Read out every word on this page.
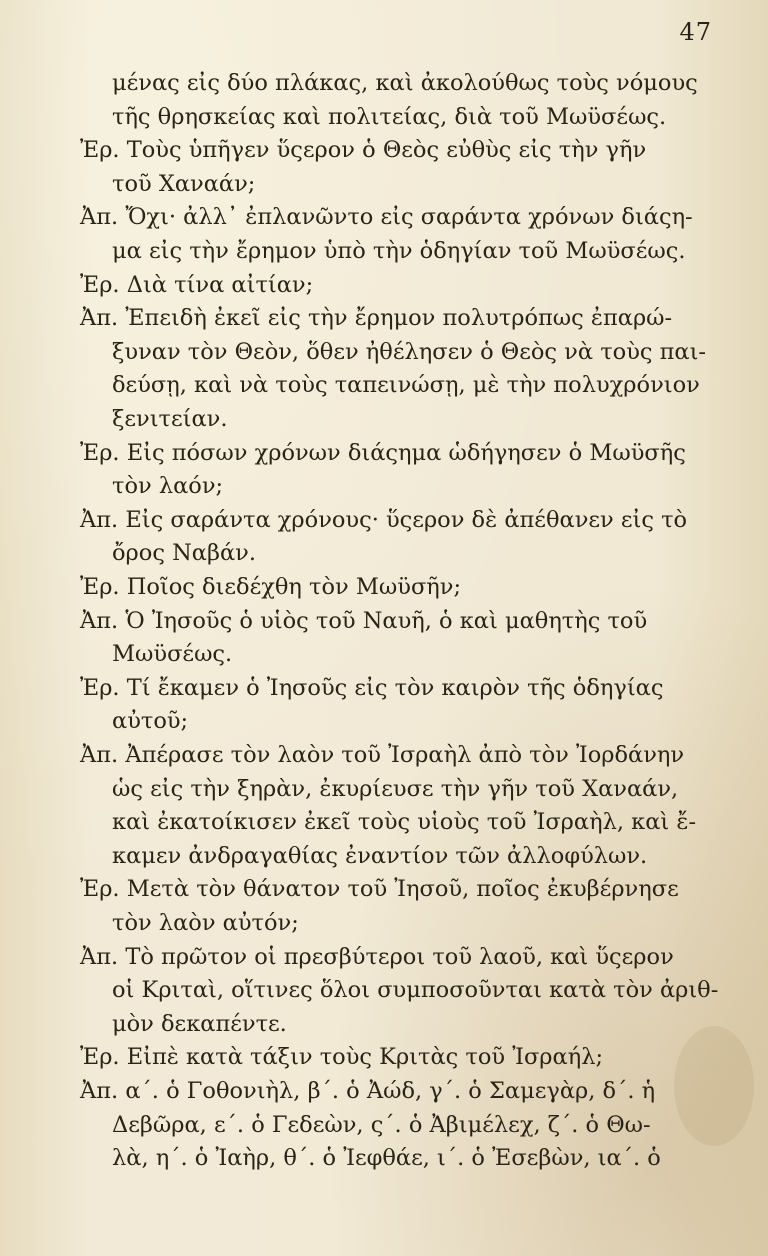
47
μένας εἰς δύο πλάκας, καὶ ἀκολούθως τοὺς νόμους
τῆς θρησκείας καὶ πολιτείας, διὰ τοῦ Μωϋσέως.
Ἐρ. Τοὺς ὑπῆγεν ὕςερον ὁ Θεὸς εὐθὺς εἰς τὴν γῆν
τοῦ Χαναάν;
Ἀπ. Ὄχι· ἀλλ᾽ ἐπλανῶντο εἰς σαράντα χρόνων διάςη-
μα εἰς τὴν ἔρημον ὑπὸ τὴν ὁδηγίαν τοῦ Μωϋσέως.
Ἐρ. Διὰ τίνα αἰτίαν;
Ἀπ. Ἐπειδὴ ἐκεῖ εἰς τὴν ἔρημον πολυτρόπως ἐπαρώ-
ξυναν τὸν Θεὸν, ὅθεν ἠθέλησεν ὁ Θεὸς νὰ τοὺς παι-
δεύσῃ, καὶ νὰ τοὺς ταπεινώσῃ, μὲ τὴν πολυχρόνιον
ξενιτείαν.
Ἐρ. Εἰς πόσων χρόνων διάςημα ὡδήγησεν ὁ Μωϋσῆς
τὸν λαόν;
Ἀπ. Εἰς σαράντα χρόνους· ὕςερον δὲ ἀπέθανεν εἰς τὸ
ὄρος Ναβάν.
Ἐρ. Ποῖος διεδέχθη τὸν Μωϋσῆν;
Ἀπ. Ὁ Ἰησοῦς ὁ υἱὸς τοῦ Ναυῆ, ὁ καὶ μαθητὴς τοῦ
Μωϋσέως.
Ἐρ. Τί ἔκαμεν ὁ Ἰησοῦς εἰς τὸν καιρὸν τῆς ὁδηγίας
αὐτοῦ;
Ἀπ. Ἀπέρασε τὸν λαὸν τοῦ Ἰσραὴλ ἀπὸ τὸν Ἰορδάνην
ὡς εἰς τὴν ξηρὰν, ἐκυρίευσε τὴν γῆν τοῦ Χαναάν,
καὶ ἐκατοίκισεν ἐκεῖ τοὺς υἱοὺς τοῦ Ἰσραὴλ, καὶ ἔ-
καμεν ἀνδραγαθίας ἐναντίον τῶν ἀλλοφύλων.
Ἐρ. Μετὰ τὸν θάνατον τοῦ Ἰησοῦ, ποῖος ἐκυβέρνησε
τὸν λαὸν αὐτόν;
Ἀπ. Τὸ πρῶτον οἱ πρεσβύτεροι τοῦ λαοῦ, καὶ ὕςερον
οἱ Κριταὶ, οἵτινες ὅλοι συμποσοῦνται κατὰ τὸν ἀριθ-
μὸν δεκαπέντε.
Ἐρ. Εἰπὲ κατὰ τάξιν τοὺς Κριτὰς τοῦ Ἰσραήλ;
Ἀπ. α΄. ὁ Γοθονιὴλ, β΄. ὁ Ἀώδ, γ΄. ὁ Σαμεγὰρ, δ΄. ἡ
Δεβῶρα, ε΄. ὁ Γεδεὼν, ς΄. ὁ Ἀβιμέλεχ, ζ΄. ὁ Θω-
λὰ, η΄. ὁ Ἰαὴρ, θ΄. ὁ Ἰεφθάε, ι΄. ὁ Ἐσεβὼν, ια΄. ὁ
